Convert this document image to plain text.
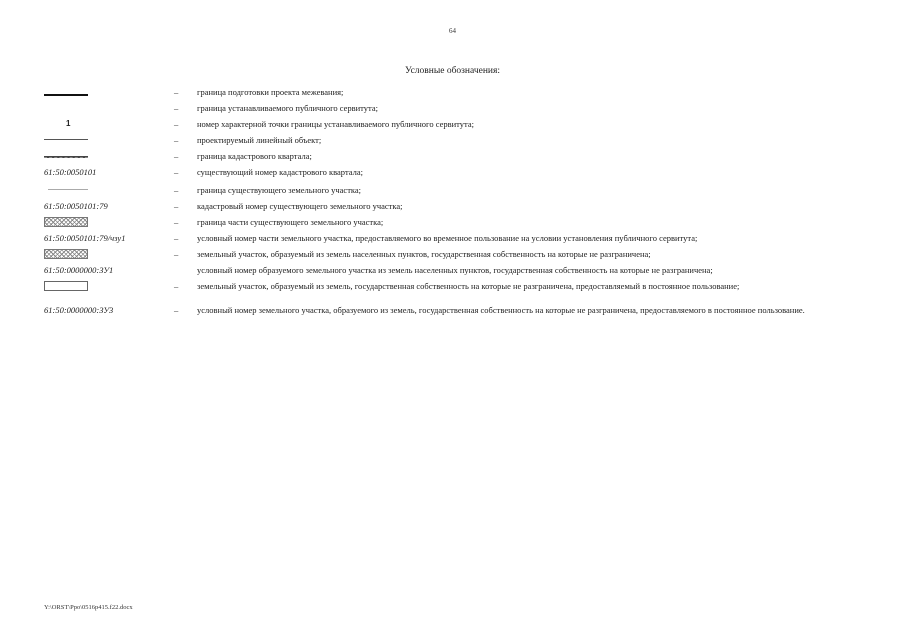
64
Условные обозначения:
– граница подготовки проекта межевания;
– граница устанавливаемого публичного сервитута;
1	– номер характерной точки границы устанавливаемого публичного сервитута;
– проектируемый линейный объект;
– граница кадастрового квартала;
61:50:0050101	– существующий номер кадастрового квартала;
– граница существующего земельного участка;
61:50:0050101:79	– кадастровый номер существующего земельного участка;
– граница части существующего земельного участка;
61:50:0050101:79/чзу1	– условный номер части земельного участка, предоставляемого во временное пользование на условии установления публичного сервитута;
– земельный участок, образуемый из земель населенных пунктов, государственная собственность на которые не разграничена;
61:50:0000000:ЗУ1	условный номер образуемого земельного участка из земель населенных пунктов, государственная собственность на которые не разграничена;
– земельный участок, образуемый из земель, государственная собственность на которые не разграничена, предоставляемый в постоянное пользование;
61:50:0000000:ЗУ3	– условный номер земельного участка, образуемого из земель, государственная собственность на которые не разграничена, предоставляемого в постоянное пользование.
Y:\ORST\Ppo\0516p415.f22.docx
